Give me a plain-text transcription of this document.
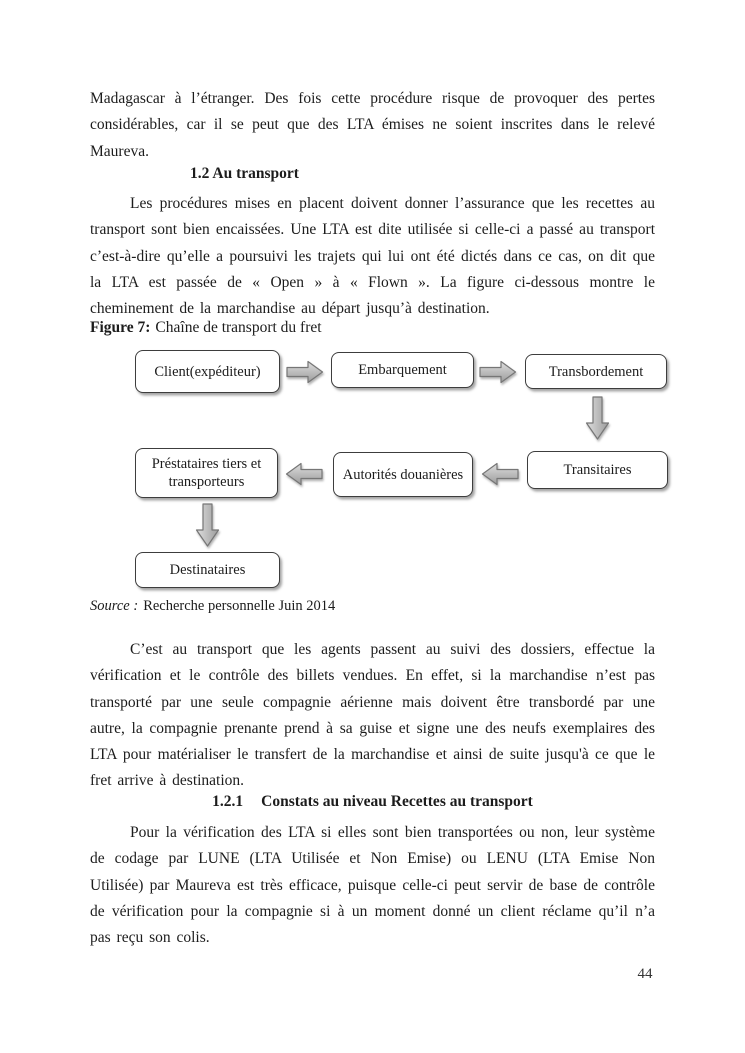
Madagascar à l’étranger. Des fois cette procédure risque de provoquer des pertes considérables, car il se peut que des LTA émises ne soient inscrites dans le relevé Maureva.

1.2 Au transport

Les procédures mises en placent doivent donner l’assurance que les recettes au transport sont bien encaissées. Une LTA est dite utilisée si celle-ci a passé au transport c’est-à-dire qu’elle a poursuivi les trajets qui lui ont été dictés dans ce cas, on dit que la LTA est passée de « Open » à « Flown ». La figure ci-dessous montre le cheminement de la marchandise au départ jusqu’à destination.

Figure 7: Chaîne de transport du fret

Client(expéditeur)	Embarquement	Transbordement
Transitaires
Autorités douanières
Préstataires tiers et transporteurs
Destinataires

Source : Recherche personnelle Juin 2014

C’est au transport que les agents passent au suivi des dossiers, effectue la vérification et le contrôle des billets vendues. En effet, si la marchandise n’est pas transporté par une seule compagnie aérienne mais doivent être transbordé par une autre, la compagnie prenante prend à sa guise et signe une des neufs exemplaires des LTA pour matérialiser le transfert de la marchandise et ainsi de suite jusqu'à ce que le fret arrive à destination.

1.2.1 Constats au niveau Recettes au transport

Pour la vérification des LTA si elles sont bien transportées ou non, leur système de codage par LUNE (LTA Utilisée et Non Emise) ou LENU (LTA Emise Non Utilisée) par Maureva est très efficace, puisque celle-ci peut servir de base de contrôle de vérification pour la compagnie si à un moment donné un client réclame qu’il n’a pas reçu son colis.

44
